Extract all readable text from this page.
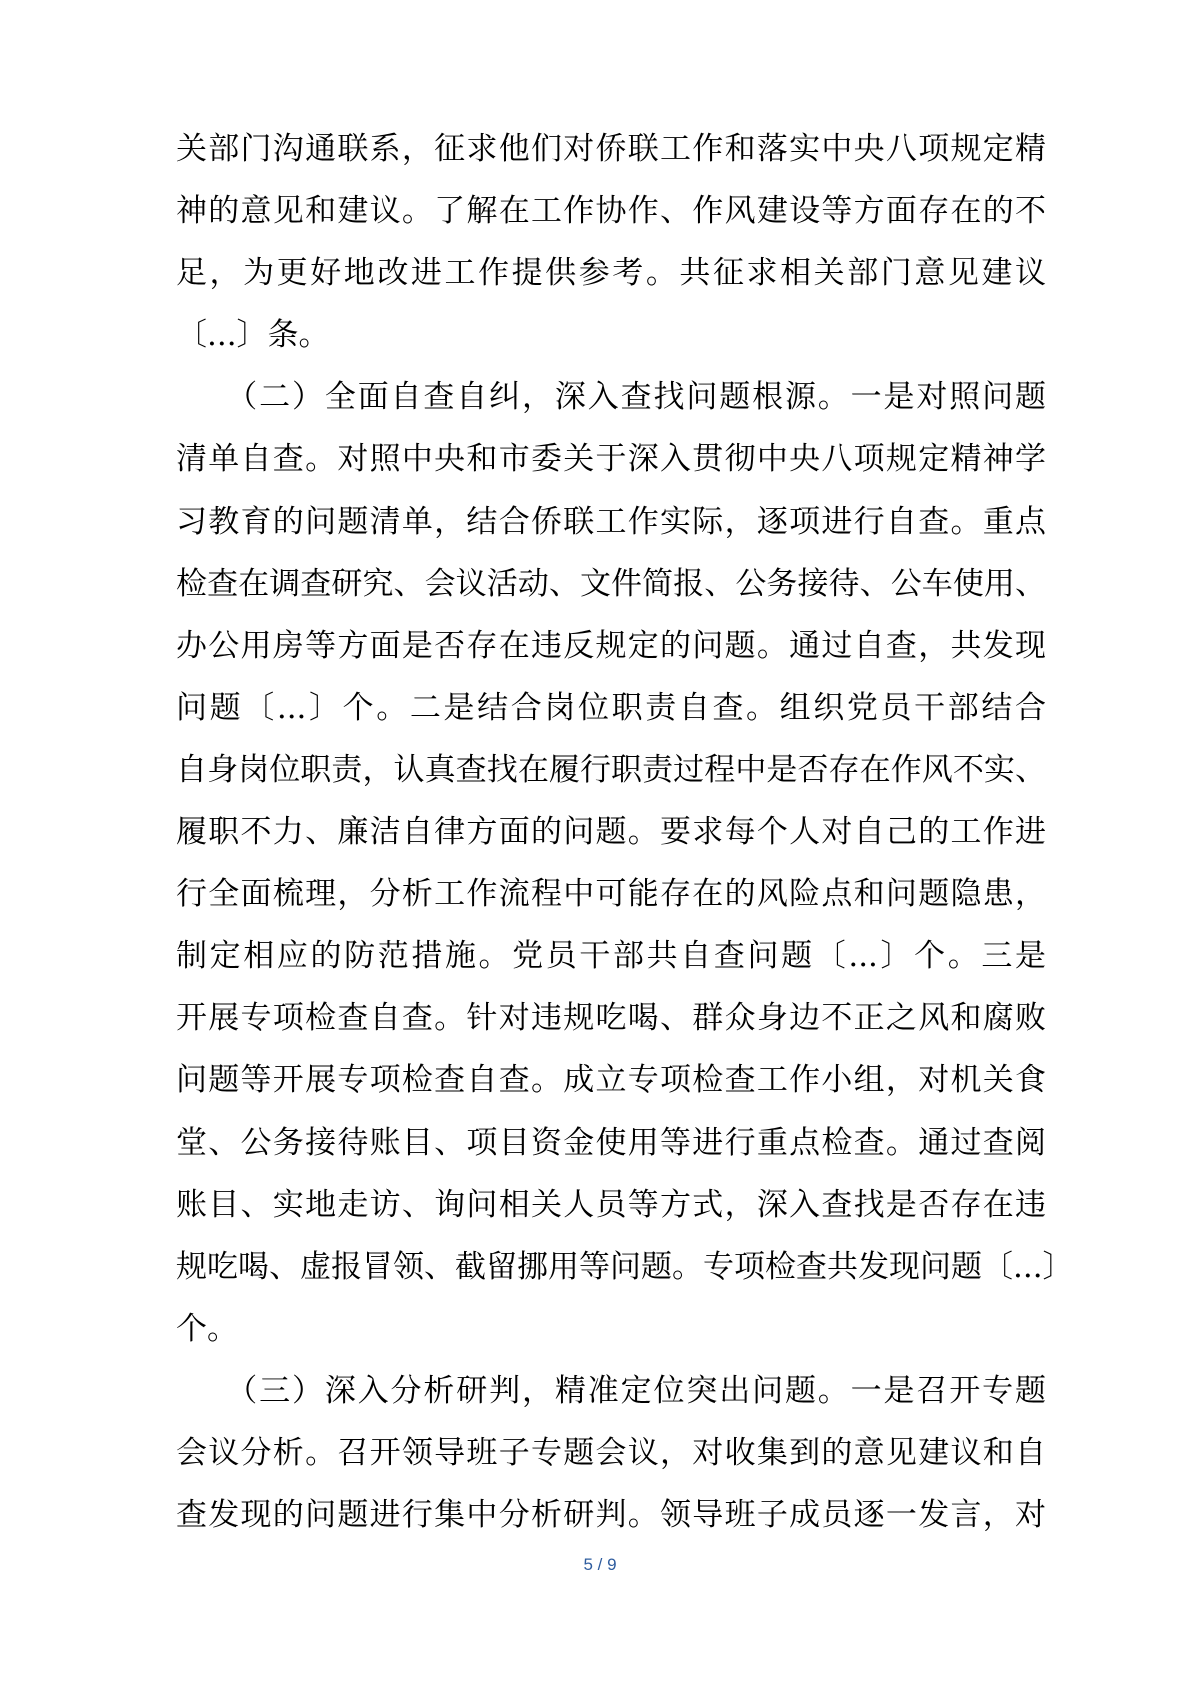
关部门沟通联系，征求他们对侨联工作和落实中央八项规定精
神的意见和建议。了解在工作协作、作风建设等方面存在的不
足，为更好地改进工作提供参考。共征求相关部门意见建议
〔...〕条。
　　（二）全面自查自纠，深入查找问题根源。一是对照问题
清单自查。对照中央和市委关于深入贯彻中央八项规定精神学
习教育的问题清单，结合侨联工作实际，逐项进行自查。重点
检查在调查研究、会议活动、文件简报、公务接待、公车使用、
办公用房等方面是否存在违反规定的问题。通过自查，共发现
问题〔...〕个。二是结合岗位职责自查。组织党员干部结合
自身岗位职责，认真查找在履行职责过程中是否存在作风不实、
履职不力、廉洁自律方面的问题。要求每个人对自己的工作进
行全面梳理，分析工作流程中可能存在的风险点和问题隐患，
制定相应的防范措施。党员干部共自查问题〔...〕个。三是
开展专项检查自查。针对违规吃喝、群众身边不正之风和腐败
问题等开展专项检查自查。成立专项检查工作小组，对机关食
堂、公务接待账目、项目资金使用等进行重点检查。通过查阅
账目、实地走访、询问相关人员等方式，深入查找是否存在违
规吃喝、虚报冒领、截留挪用等问题。专项检查共发现问题〔...〕
个。
　　（三）深入分析研判，精准定位突出问题。一是召开专题
会议分析。召开领导班子专题会议，对收集到的意见建议和自
查发现的问题进行集中分析研判。领导班子成员逐一发言，对
5 / 9
